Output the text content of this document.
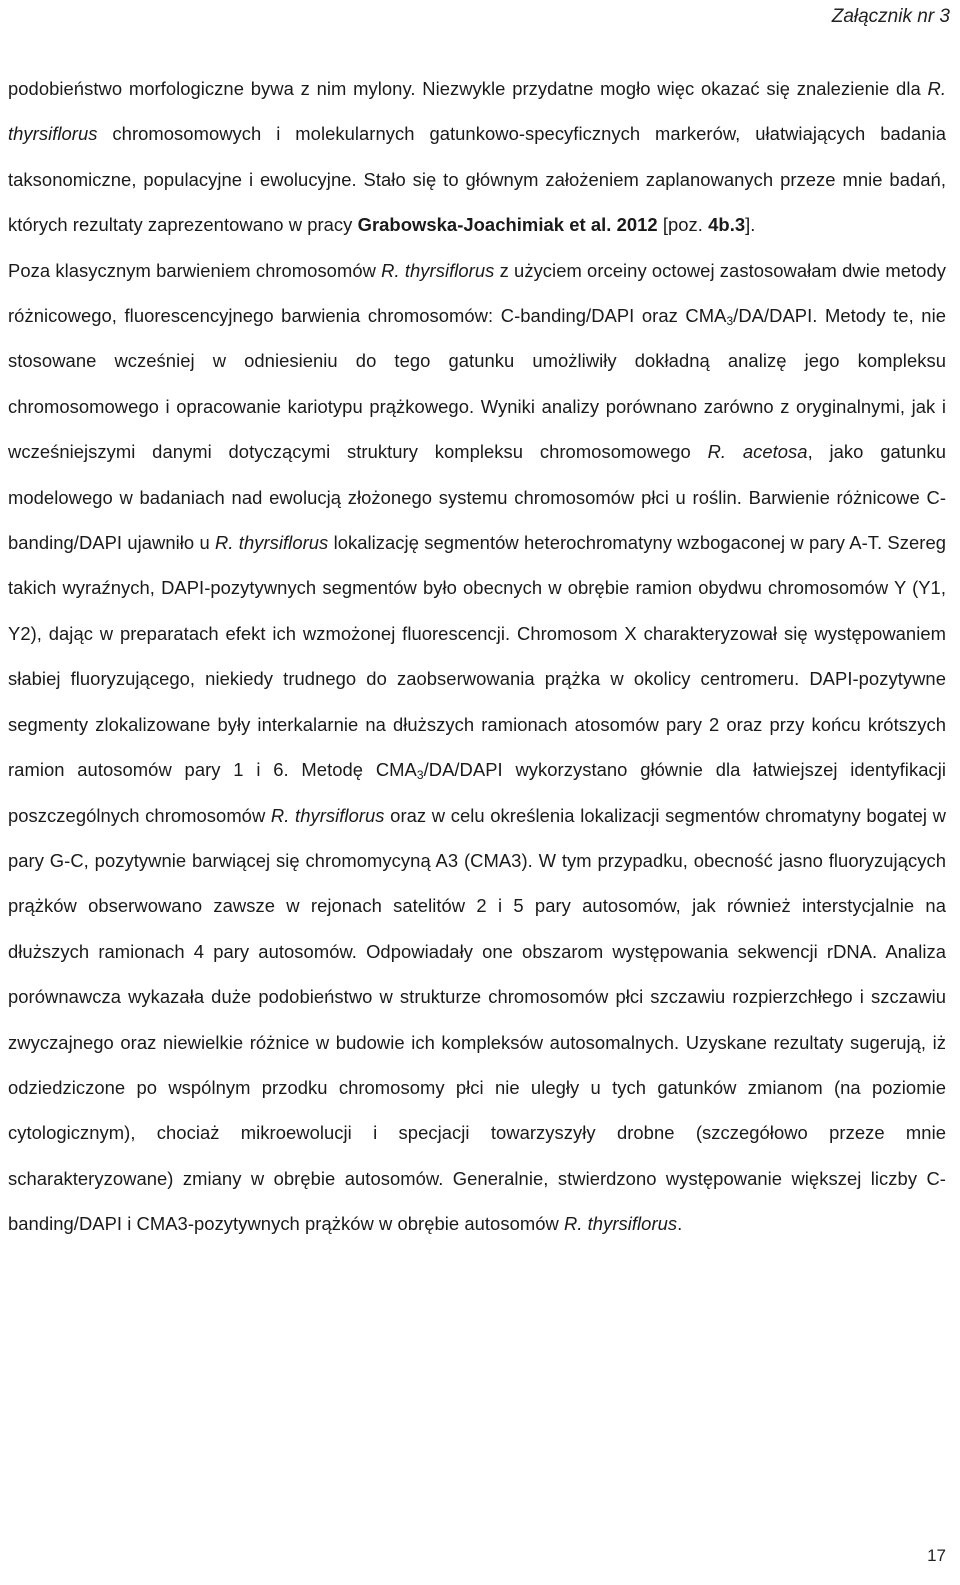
Załącznik nr 3

podobieństwo morfologiczne bywa z nim mylony. Niezwykle przydatne mogło więc okazać się znalezienie dla R. thyrsiflorus chromosomowych i molekularnych gatunkowo-specyficznych markerów, ułatwiających badania taksonomiczne, populacyjne i ewolucyjne. Stało się to głównym założeniem zaplanowanych przeze mnie badań, których rezultaty zaprezentowano w pracy Grabowska-Joachimiak et al. 2012 [poz. 4b.3].

Poza klasycznym barwieniem chromosomów R. thyrsiflorus z użyciem orceiny octowej zastosowałam dwie metody różnicowego, fluorescencyjnego barwienia chromosomów: C-banding/DAPI oraz $CMA_3/DA$/DAPI. Metody te, nie stosowane wcześniej w odniesieniu do tego gatunku umożliwiły dokładną analizę jego kompleksu chromosomowego i opracowanie kariotypu prążkowego. Wyniki analizy porównano zarówno z oryginalnymi, jak i wcześniejszymi danymi dotyczącymi struktury kompleksu chromosomowego R. acetosa, jako gatunku modelowego w badaniach nad ewolucją złożonego systemu chromosomów płci u roślin. Barwienie różnicowe C-banding/DAPI ujawniło u R. thyrsiflorus lokalizację segmentów heterochromatyny wzbogaconej w pary A-T. Szereg takich wyraźnych, DAPI-pozytywnych segmentów było obecnych w obrębie ramion obydwu chromosomów Y (Y1, Y2), dając w preparatach efekt ich wzmożonej fluorescencji. Chromosom X charakteryzował się występowaniem słabiej fluoryzującego, niekiedy trudnego do zaobserwowania prążka w okolicy centromeru. DAPI-pozytywne segmenty zlokalizowane były interkalarnie na dłuższych ramionach atosomów pary 2 oraz przy końcu krótszych ramion autosomów pary 1 i 6. Metodę $CMA_3/DA$/DAPI wykorzystano głównie dla łatwiejszej identyfikacji poszczególnych chromosomów R. thyrsiflorus oraz w celu określenia lokalizacji segmentów chromatyny bogatej w pary G-C, pozytywnie barwiącej się chromomycyną A3 (CMA3). W tym przypadku, obecność jasno fluoryzujących prążków obserwowano zawsze w rejonach satelitów 2 i 5 pary autosomów, jak również interstycjalnie na dłuższych ramionach 4 pary autosomów. Odpowiadały one obszarom występowania sekwencji rDNA. Analiza porównawcza wykazała duże podobieństwo w strukturze chromosomów płci szczawiu rozpierzchłego i szczawiu zwyczajnego oraz niewielkie różnice w budowie ich kompleksów autosomalnych. Uzyskane rezultaty sugerują, iż odziedziczone po wspólnym przodku chromosomy płci nie uległy u tych gatunków zmianom (na poziomie cytologicznym), chociaż mikroewolucji i specjacji towarzyszyły drobne (szczegółowo przeze mnie scharakteryzowane) zmiany w obrębie autosomów. Generalnie, stwierdzono występowanie większej liczby C-banding/DAPI i CMA3-pozytywnych prążków w obrębie autosomów R. thyrsiflorus.

17
